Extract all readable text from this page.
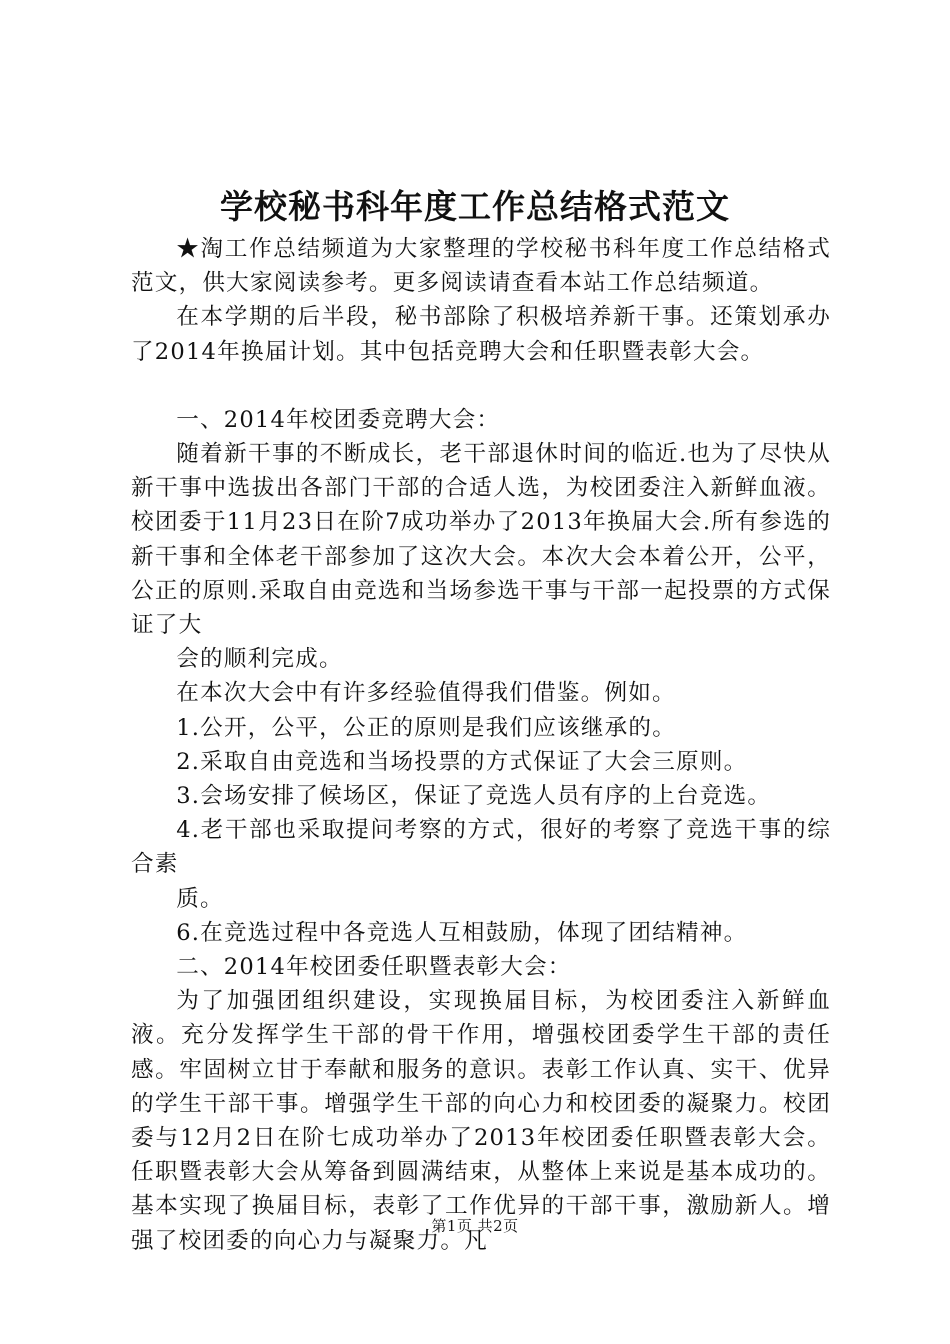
学校秘书科年度工作总结格式范文

★淘工作总结频道为大家整理的学校秘书科年度工作总结格式范文，供大家阅读参考。更多阅读请查看本站工作总结频道。

在本学期的后半段，秘书部除了积极培养新干事。还策划承办了2014年换届计划。其中包括竞聘大会和任职暨表彰大会。

一、2014年校团委竞聘大会：

随着新干事的不断成长，老干部退休时间的临近.也为了尽快从新干事中选拔出各部门干部的合适人选，为校团委注入新鲜血液。校团委于11月23日在阶7成功举办了2013年换届大会.所有参选的新干事和全体老干部参加了这次大会。本次大会本着公开，公平，公正的原则.采取自由竞选和当场参选干事与干部一起投票的方式保证了大

会的顺利完成。

在本次大会中有许多经验值得我们借鉴。例如。

1.公开，公平，公正的原则是我们应该继承的。

2.采取自由竞选和当场投票的方式保证了大会三原则。

3.会场安排了候场区，保证了竞选人员有序的上台竞选。

4.老干部也采取提问考察的方式，很好的考察了竞选干事的综合素

质。

6.在竞选过程中各竞选人互相鼓励，体现了团结精神。

二、2014年校团委任职暨表彰大会：

为了加强团组织建设，实现换届目标，为校团委注入新鲜血液。充分发挥学生干部的骨干作用，增强校团委学生干部的责任感。牢固树立甘于奉献和服务的意识。表彰工作认真、实干、优异的学生干部干事。增强学生干部的向心力和校团委的凝聚力。校团委与12月2日在阶七成功举办了2013年校团委任职暨表彰大会。任职暨表彰大会从筹备到圆满结束，从整体上来说是基本成功的。基本实现了换届目标，表彰了工作优异的干部干事，激励新人。增强了校团委的向心力与凝聚力。凡

第1页 共2页
